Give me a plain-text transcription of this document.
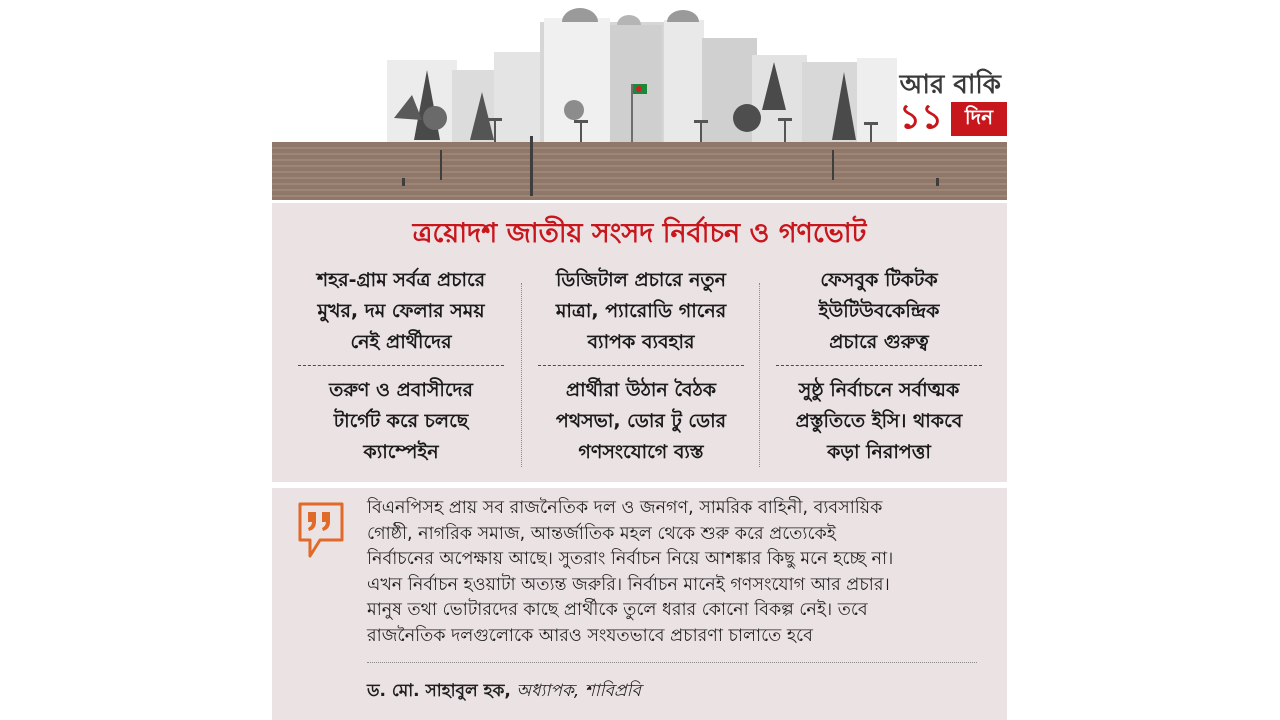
আর বাকি
১১	দিন
ত্রয়োদশ জাতীয় সংসদ নির্বাচন ও গণভোট
শহর-গ্রাম সর্বত্র প্রচারে
মুখর, দম ফেলার সময়
নেই প্রার্থীদের
তরুণ ও প্রবাসীদের
টার্গেট করে চলছে
ক্যাম্পেইন
ডিজিটাল প্রচারে নতুন
মাত্রা, প্যারোডি গানের
ব্যাপক ব্যবহার
প্রার্থীরা উঠান বৈঠক
পথসভা, ডোর টু ডোর
গণসংযোগে ব্যস্ত
ফেসবুক টিকটক
ইউটিউবকেন্দ্রিক
প্রচারে গুরুত্ব
সুষ্ঠু নির্বাচনে সর্বাত্মক
প্রস্তুতিতে ইসি। থাকবে
কড়া নিরাপত্তা
বিএনপিসহ প্রায় সব রাজনৈতিক দল ও জনগণ, সামরিক বাহিনী, ব্যবসায়িক
গোষ্ঠী, নাগরিক সমাজ, আন্তর্জাতিক মহল থেকে শুরু করে প্রত্যেকেই
নির্বাচনের অপেক্ষায় আছে। সুতরাং নির্বাচন নিয়ে আশঙ্কার কিছু মনে হচ্ছে না।
এখন নির্বাচন হওয়াটা অত্যন্ত জরুরি। নির্বাচন মানেই গণসংযোগ আর প্রচার।
মানুষ তথা ভোটারদের কাছে প্রার্থীকে তুলে ধরার কোনো বিকল্প নেই। তবে
রাজনৈতিক দলগুলোকে আরও সংযতভাবে প্রচারণা চালাতে হবে
ড. মো. সাহাবুল হক, অধ্যাপক, শাবিপ্রবি
